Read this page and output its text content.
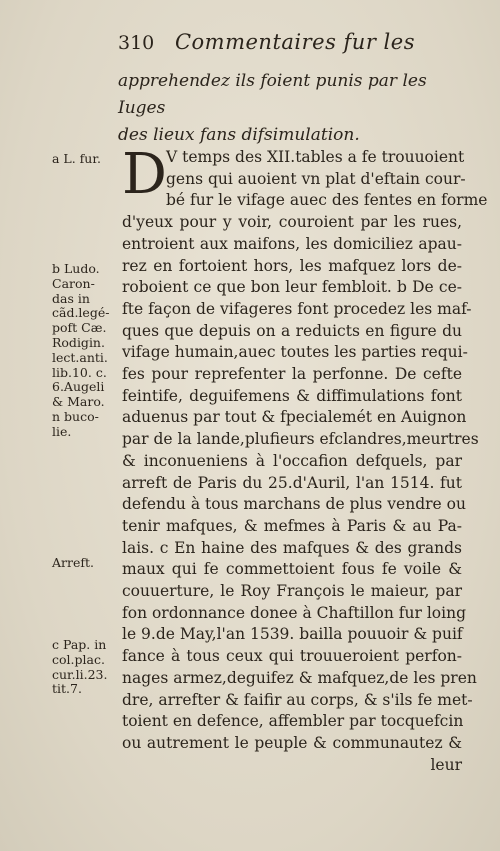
310 Commentaires fur les
apprehendez ils foient punis par les Iuges
des lieux fans difsimulation.
D V temps des XII.tables a fe trouuoient
gens qui auoient vn plat d'eftain cour-
bé fur le vifage auec des fentes en forme
d'yeux pour y voir, couroient par les rues,
entroient aux maifons, les domiciliez apau-
rez en fortoient hors, les mafquez lors de-
roboient ce que bon leur fembloit. b De ce-
fte façon de vifageres font procedez les maf-
ques que depuis on a reduicts en figure du
vifage humain,auec toutes les parties requi-
fes pour reprefenter la perfonne. De cefte
feintife, deguifemens & diffimulations font
aduenus par tout & fpecialemét en Auignon
par de la lande,plufieurs efclandres,meurtres
& inconueniens à l'occafion defquels, par
arreft de Paris du 25.d'Auril, l'an 1514. fut
defendu à tous marchans de plus vendre ou
tenir mafques, & mefmes à Paris & au Pa-
lais. c En haine des mafques & des grands
maux qui fe commettoient fous fe voile &
couuerture, le Roy François le maieur, par
fon ordonnance donee à Chaftillon fur loing
le 9.de May,l'an 1539. bailla pouuoir & puif
fance à tous ceux qui trouueroient perfon-
nages armez,deguifez & mafquez,de les pren
dre, arrefter & faifir au corps, & s'ils fe met-
toient en defence, affembler par tocquefcin
ou autrement le peuple & communautez &
leur
a L. fur.
b Ludo.
Caron-
das in
cãd.legé-
poft Cæ.
Rodigin.
lect.anti.
lib.10. c.
6.Augeli
& Maro.
n buco-
lie.
Arreft.
c Pap. in
col.plac.
cur.li.23.
tit.7.
